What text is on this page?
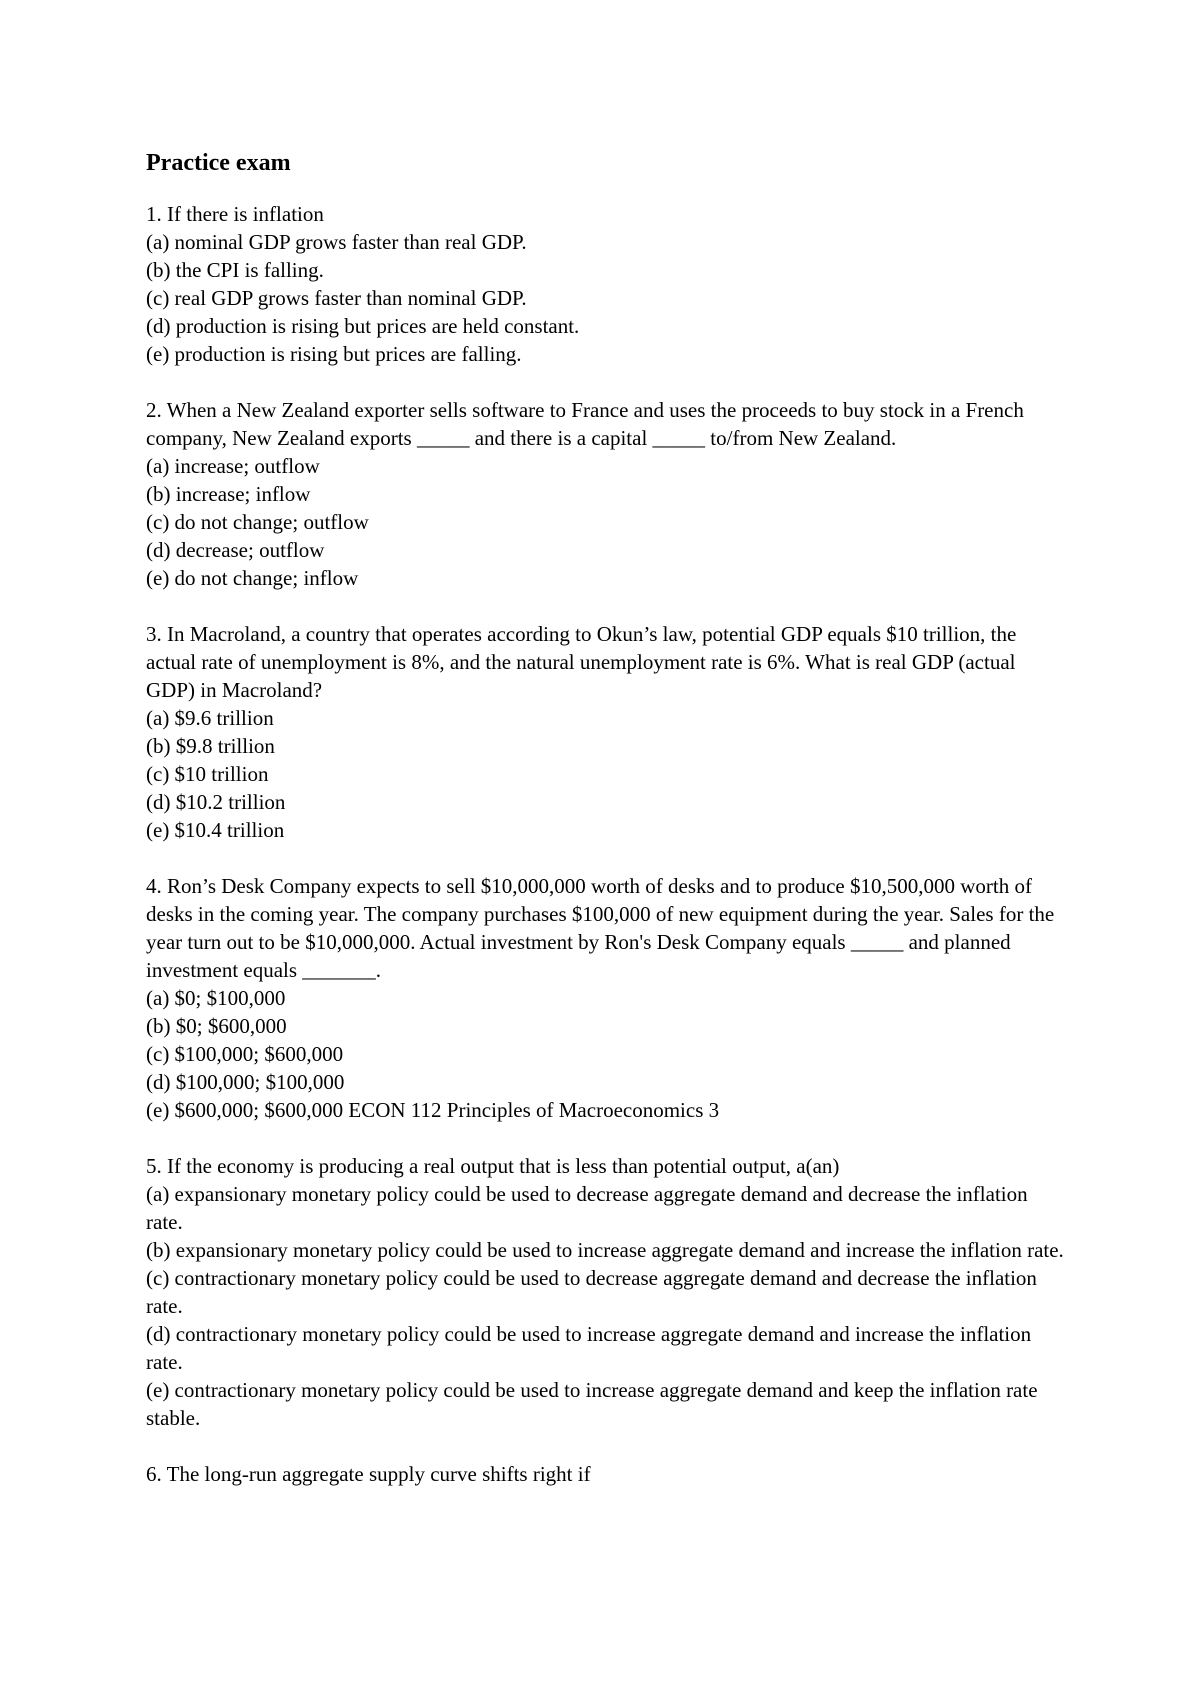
Practice exam
1. If there is inflation
(a) nominal GDP grows faster than real GDP.
(b) the CPI is falling.
(c) real GDP grows faster than nominal GDP.
(d) production is rising but prices are held constant.
(e) production is rising but prices are falling.
2. When a New Zealand exporter sells software to France and uses the proceeds to buy stock in a French company, New Zealand exports _____ and there is a capital _____ to/from New Zealand.
(a) increase; outflow
(b) increase; inflow
(c) do not change; outflow
(d) decrease; outflow
(e) do not change; inflow
3. In Macroland, a country that operates according to Okun’s law, potential GDP equals $10 trillion, the actual rate of unemployment is 8%, and the natural unemployment rate is 6%. What is real GDP (actual GDP) in Macroland?
(a) $9.6 trillion
(b) $9.8 trillion
(c) $10 trillion
(d) $10.2 trillion
(e) $10.4 trillion
4. Ron’s Desk Company expects to sell $10,000,000 worth of desks and to produce $10,500,000 worth of desks in the coming year. The company purchases $100,000 of new equipment during the year. Sales for the year turn out to be $10,000,000. Actual investment by Ron's Desk Company equals _____ and planned investment equals _______.
(a) $0; $100,000
(b) $0; $600,000
(c) $100,000; $600,000
(d) $100,000; $100,000
(e) $600,000; $600,000 ECON 112 Principles of Macroeconomics 3
5. If the economy is producing a real output that is less than potential output, a(an)
(a) expansionary monetary policy could be used to decrease aggregate demand and decrease the inflation rate.
(b) expansionary monetary policy could be used to increase aggregate demand and increase the inflation rate.
(c) contractionary monetary policy could be used to decrease aggregate demand and decrease the inflation rate.
(d) contractionary monetary policy could be used to increase aggregate demand and increase the inflation rate.
(e) contractionary monetary policy could be used to increase aggregate demand and keep the inflation rate stable.
6. The long-run aggregate supply curve shifts right if
